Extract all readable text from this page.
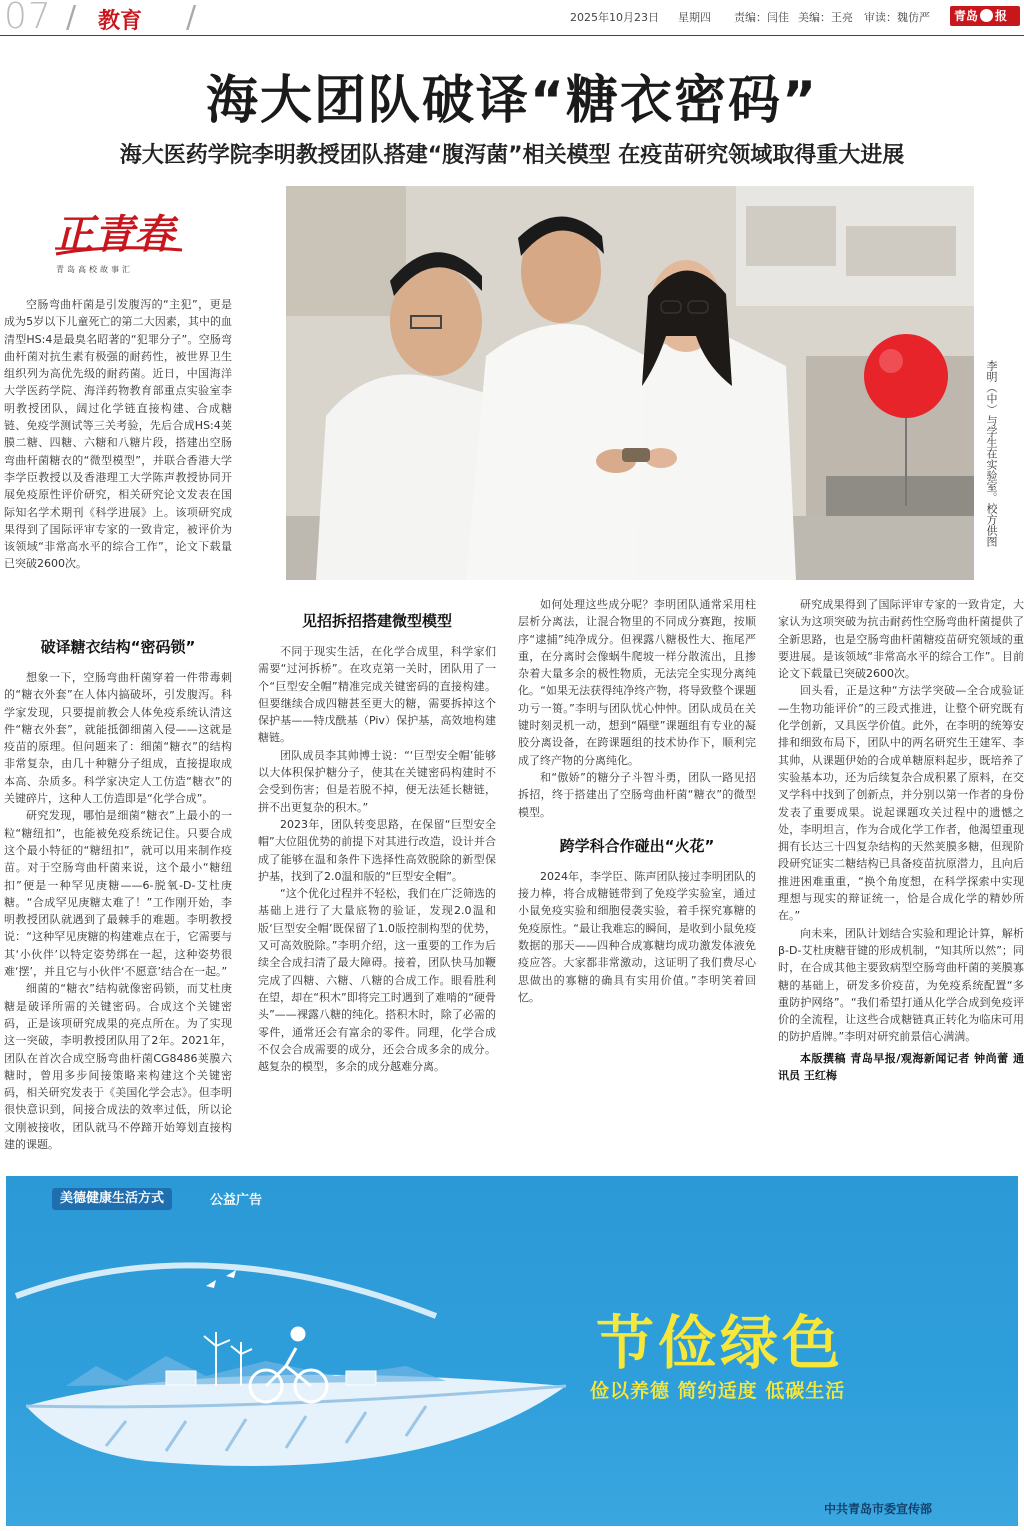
07 / 教育 /	2025年10月23日 星期四 责编：闫佳 美编：王亮 审读：魏仿严	青岛 报
海大团队破译“糖衣密码”
海大医药学院李明教授团队搭建“腹泻菌”相关模型 在疫苗研究领域取得重大进展
正青春
青岛高校故事汇
李明（中）与学生在实验室。校方供图

空肠弯曲杆菌是引发腹泻的“主犯”，更是成为5岁以下儿童死亡的第二大因素，其中的血清型HS:4是最臭名昭著的“犯罪分子”。空肠弯曲杆菌对抗生素有极强的耐药性，被世界卫生组织列为高优先级的耐药菌。近日，中国海洋大学医药学院、海洋药物教育部重点实验室李明教授团队，阔过化学链直接构建、合成糖链、免疫学测试等三关考验，先后合成HS:4荚膜二糖、四糖、六糖和八糖片段，搭建出空肠弯曲杆菌糖衣的“微型模型”，并联合香港大学李学臣教授以及香港理工大学陈声教授协同开展免疫原性评价研究，相关研究论文发表在国际知名学术期刊《科学进展》上。该项研究成果得到了国际评审专家的一致肯定，被评价为该领域“非常高水平的综合工作”，论文下载量已突破2600次。

破译糖衣结构“密码锁”

想象一下，空肠弯曲杆菌穿着一件带毒刺的“糖衣外套”在人体内搞破坏，引发腹泻。科学家发现，只要提前教会人体免疫系统认清这件“糖衣外套”，就能抵御细菌入侵——这就是疫苗的原理。但问题来了：细菌“糖衣”的结构非常复杂，由几十种糖分子组成，直接提取成本高、杂质多。科学家决定人工仿造“糖衣”的关键碎片，这种人工仿造即是“化学合成”。

研究发现，哪怕是细菌“糖衣”上最小的一粒“糖纽扣”，也能被免疫系统记住。只要合成这个最小特征的“糖纽扣”，就可以用来制作疫苗。对于空肠弯曲杆菌来说，这个最小“糖纽扣”便是一种罕见庚糖——6-脱氧-D-艾杜庚糖。“合成罕见庚糖太难了！”工作刚开始，李明教授团队就遇到了最棘手的难题。李明教授说：“这种罕见庚糖的构建难点在于，它需要与其‘小伙伴’以特定姿势绑在一起，这种姿势很难‘摆’，并且它与小伙伴‘不愿意’结合在一起。”

细菌的“糖衣”结构就像密码锁，而艾杜庚糖是破译所需的关键密码。合成这个关键密码，正是该项研究成果的亮点所在。为了实现这一突破，李明教授团队用了2年。2021年，团队在首次合成空肠弯曲杆菌CG8486荚膜六糖时，曾用多步间接策略来构建这个关键密码，相关研究发表于《美国化学会志》。但李明很快意识到，间接合成法的效率过低，所以论文刚被接收，团队就马不停蹄开始筹划直接构建的课题。

见招拆招搭建微型模型

不同于现实生活，在化学合成里，科学家们需要“过河拆桥”。在攻克第一关时，团队用了一个“巨型安全帽”精准完成关键密码的直接构建。但要继续合成四糖甚至更大的糖，需要拆掉这个保护基——特戊酰基（Piv）保护基，高效地构建糖链。

团队成员李其帅博士说：“‘巨型安全帽’能够以大体积保护糖分子，使其在关键密码构建时不会受到伤害；但是若脱不掉，便无法延长糖链，拼不出更复杂的积木。”

2023年，团队转变思路，在保留“巨型安全帽”大位阻优势的前提下对其进行改造，设计并合成了能够在温和条件下选择性高效脱除的新型保护基，找到了2.0温和版的“巨型安全帽”。

“这个优化过程并不轻松，我们在广泛筛选的基础上进行了大量底物的验证，发现2.0温和版‘巨型安全帽’既保留了1.0版控制构型的优势，又可高效脱除。”李明介绍，这一重要的工作为后续全合成扫清了最大障碍。接着，团队快马加鞭完成了四糖、六糖、八糖的合成工作。眼看胜利在望，却在“积木”即将完工时遇到了难啃的“硬骨头”——裸露八糖的纯化。搭积木时，除了必需的零件，通常还会有富余的零件。同理，化学合成不仅会合成需要的成分，还会合成多余的成分。越复杂的模型，多余的成分越难分离。

如何处理这些成分呢？李明团队通常采用柱层析分离法，让混合物里的不同成分赛跑，按顺序“逮捕”纯净成分。但裸露八糖极性大、拖尾严重，在分离时会像蜗牛爬坡一样分散流出，且掺杂着大量多余的极性物质，无法完全实现分离纯化。“如果无法获得纯净终产物，将导致整个课题功亏一篑。”李明与团队忧心忡忡。团队成员在关键时刻灵机一动，想到“隔壁”课题组有专业的凝胶分离设备，在跨课题组的技术协作下，顺利完成了终产物的分离纯化。

和“傲娇”的糖分子斗智斗勇，团队一路见招拆招，终于搭建出了空肠弯曲杆菌“糖衣”的微型模型。

跨学科合作碰出“火花”

2024年，李学臣、陈声团队接过李明团队的接力棒，将合成糖链带到了免疫学实验室，通过小鼠免疫实验和细胞侵袭实验，着手探究寡糖的免疫原性。“最让我难忘的瞬间，是收到小鼠免疫数据的那天——四种合成寡糖均成功激发体液免疫应答。大家都非常激动，这证明了我们费尽心思做出的寡糖的确具有实用价值。”李明笑着回忆。

研究成果得到了国际评审专家的一致肯定，大家认为这项突破为抗击耐药性空肠弯曲杆菌提供了全新思路，也是空肠弯曲杆菌糖疫苗研究领域的重要进展。是该领域“非常高水平的综合工作”。目前论文下载量已突破2600次。

回头看，正是这种“方法学突破—全合成验证—生物功能评价”的三段式推进，让整个研究既有化学创新，又具医学价值。此外，在李明的统筹安排和细致布局下，团队中的两名研究生王建军、李其帅，从课题伊始的合成单糖原料起步，既培养了实验基本功，还为后续复杂合成积累了原料，在交叉学科中找到了创新点，并分别以第一作者的身份发表了重要成果。说起课题攻关过程中的遗憾之处，李明坦言，作为合成化学工作者，他渴望重现拥有长达三十四复杂结构的天然荚膜多糖，但现阶段研究证实二糖结构已具备疫苗抗原潜力，且向后推进困难重重，“换个角度想，在科学探索中实现理想与现实的辩证统一，恰是合成化学的精妙所在。”

向未来，团队计划结合实验和理论计算，解析β-D-艾杜庚糖苷键的形成机制，“知其所以然”；同时，在合成其他主要致病型空肠弯曲杆菌的荚膜寡糖的基础上，研发多价疫苗，为免疫系统配置“多重防护网络”。“我们希望打通从化学合成到免疫评价的全流程，让这些合成糖链真正转化为临床可用的防护盾牌。”李明对研究前景信心满满。

本版撰稿 青岛早报/观海新闻记者 钟尚蕾 通讯员 王红梅

美德健康生活方式	公益广告
节俭绿色
俭以养德 简约适度 低碳生活
中共青岛市委宣传部
